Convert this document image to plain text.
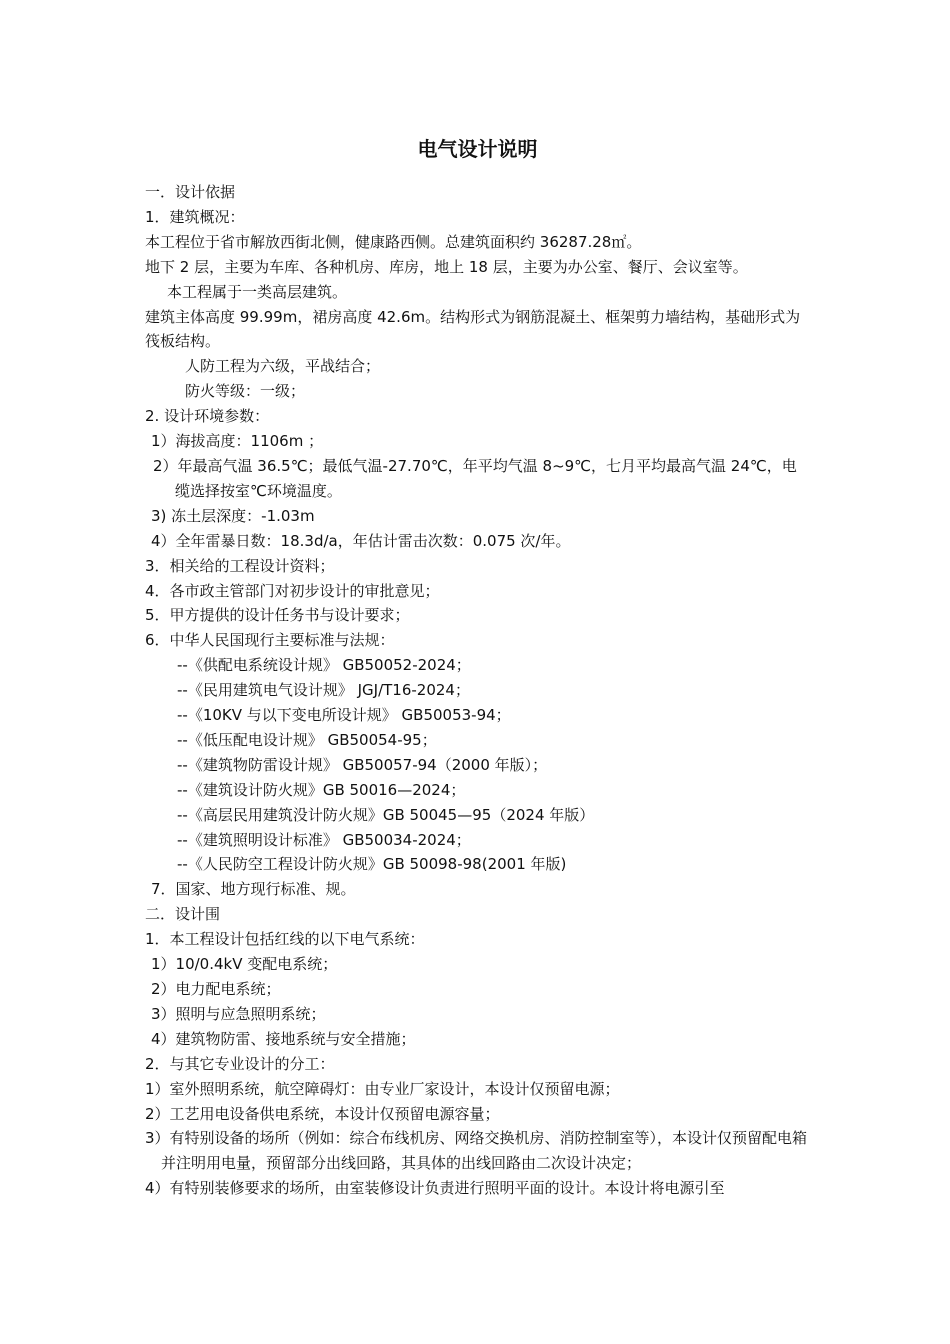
电气设计说明
一．设计依据
1．建筑概况：
本工程位于省市解放西街北侧，健康路西侧。总建筑面积约 36287.28㎡。
地下 2 层，主要为车库、各种机房、库房，地上 18 层，主要为办公室、餐厅、会议室等。
本工程属于一类高层建筑。
建筑主体高度 99.99m，裙房高度 42.6m。结构形式为钢筋混凝土、框架剪力墙结构，基础形式为筏板结构。
人防工程为六级，平战结合；
防火等级：一级；
2. 设计环境参数：
1）海拔高度：1106m ；
2）年最高气温 36.5℃；最低气温-27.70℃，年平均气温 8~9℃，七月平均最高气温 24℃，电缆选择按室℃环境温度。
3) 冻土层深度：-1.03m
4）全年雷暴日数：18.3d/a，年估计雷击次数：0.075 次/年。
3．相关给的工程设计资料；
4．各市政主管部门对初步设计的审批意见；
5．甲方提供的设计任务书与设计要求；
6．中华人民国现行主要标准与法规：
--《供配电系统设计规》 GB50052-2024；
--《民用建筑电气设计规》 JGJ/T16-2024；
--《10KV 与以下变电所设计规》 GB50053-94；
--《低压配电设计规》 GB50054-95；
--《建筑物防雷设计规》 GB50057-94（2000 年版）；
--《建筑设计防火规》GB 50016—2024；
--《高层民用建筑没计防火规》GB 50045—95（2024 年版）
--《建筑照明设计标准》 GB50034-2024；
--《人民防空工程设计防火规》GB 50098-98(2001 年版)
7．国家、地方现行标准、规。
二．设计围
1．本工程设计包括红线的以下电气系统：
1）10/0.4kV 变配电系统；
2）电力配电系统；
3）照明与应急照明系统；
4）建筑物防雷、接地系统与安全措施；
2．与其它专业设计的分工：
1）室外照明系统，航空障碍灯：由专业厂家设计，本设计仅预留电源；
2）工艺用电设备供电系统，本设计仅预留电源容量；
3）有特别设备的场所（例如：综合布线机房、网络交换机房、消防控制室等），本设计仅预留配电箱并注明用电量，预留部分出线回路，其具体的出线回路由二次设计决定；
4）有特别装修要求的场所，由室装修设计负责进行照明平面的设计。本设计将电源引至
